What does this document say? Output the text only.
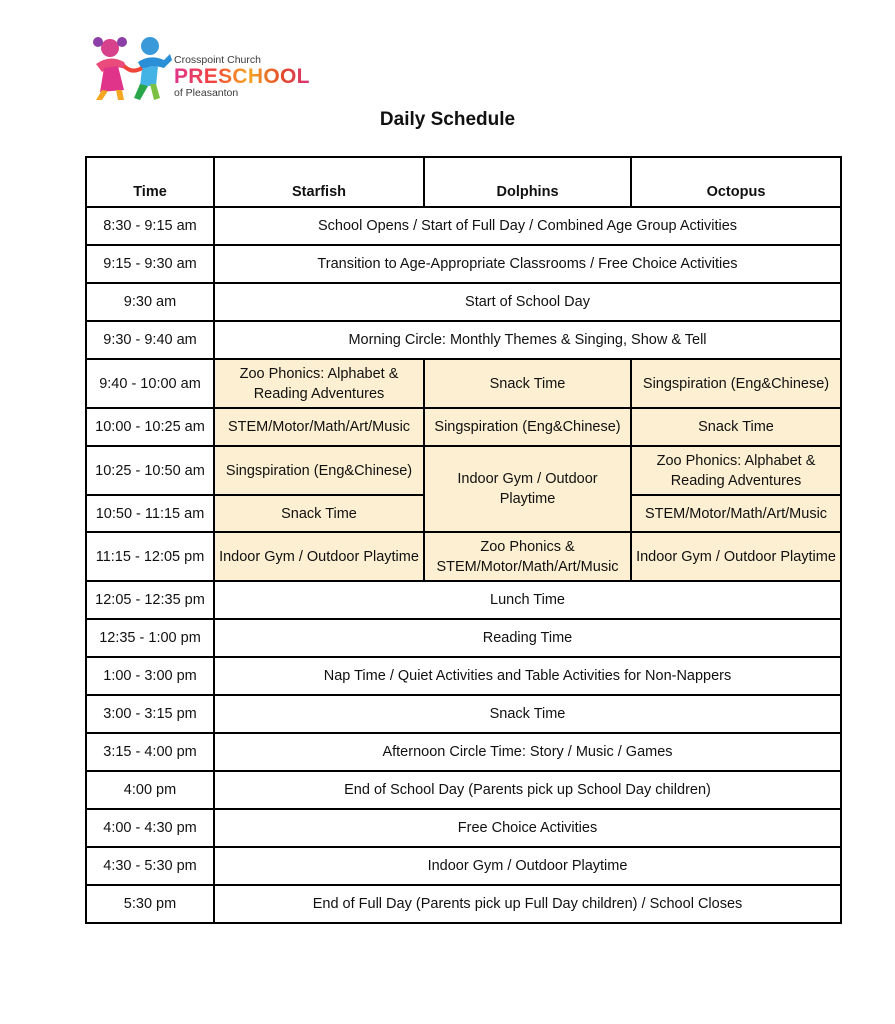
Crosspoint Church
PRESCHOOL
of Pleasanton
Daily Schedule
Time	Starfish	Dolphins	Octopus
8:30 - 9:15 am	School Opens / Start of Full Day / Combined Age Group Activities		
9:15 - 9:30 am	Transition to Age-Appropriate Classrooms / Free Choice Activities		
9:30 am	Start of School Day		
9:30 - 9:40 am	Morning Circle: Monthly Themes & Singing, Show & Tell		
9:40 - 10:00 am	Zoo Phonics: Alphabet & Reading Adventures	Snack Time	Singspiration (Eng&Chinese)
10:00 - 10:25 am	STEM/Motor/Math/Art/Music	Singspiration (Eng&Chinese)	Snack Time
10:25 - 10:50 am	Singspiration (Eng&Chinese)	Indoor Gym / Outdoor Playtime	Zoo Phonics: Alphabet & Reading Adventures
10:50 - 11:15 am	Snack Time		STEM/Motor/Math/Art/Music
11:15 - 12:05 pm	Indoor Gym / Outdoor Playtime	Zoo Phonics & STEM/Motor/Math/Art/Music	Indoor Gym / Outdoor Playtime
12:05 - 12:35 pm	Lunch Time		
12:35 - 1:00 pm	Reading Time		
1:00 - 3:00 pm	Nap Time / Quiet Activities and Table Activities for Non-Nappers		
3:00 - 3:15 pm	Snack Time		
3:15 - 4:00 pm	Afternoon Circle Time: Story / Music / Games		
4:00 pm	End of School Day (Parents pick up School Day children)		
4:00 - 4:30 pm	Free Choice Activities		
4:30 - 5:30 pm	Indoor Gym / Outdoor Playtime		
5:30 pm	End of Full Day (Parents pick up Full Day children) / School Closes		
